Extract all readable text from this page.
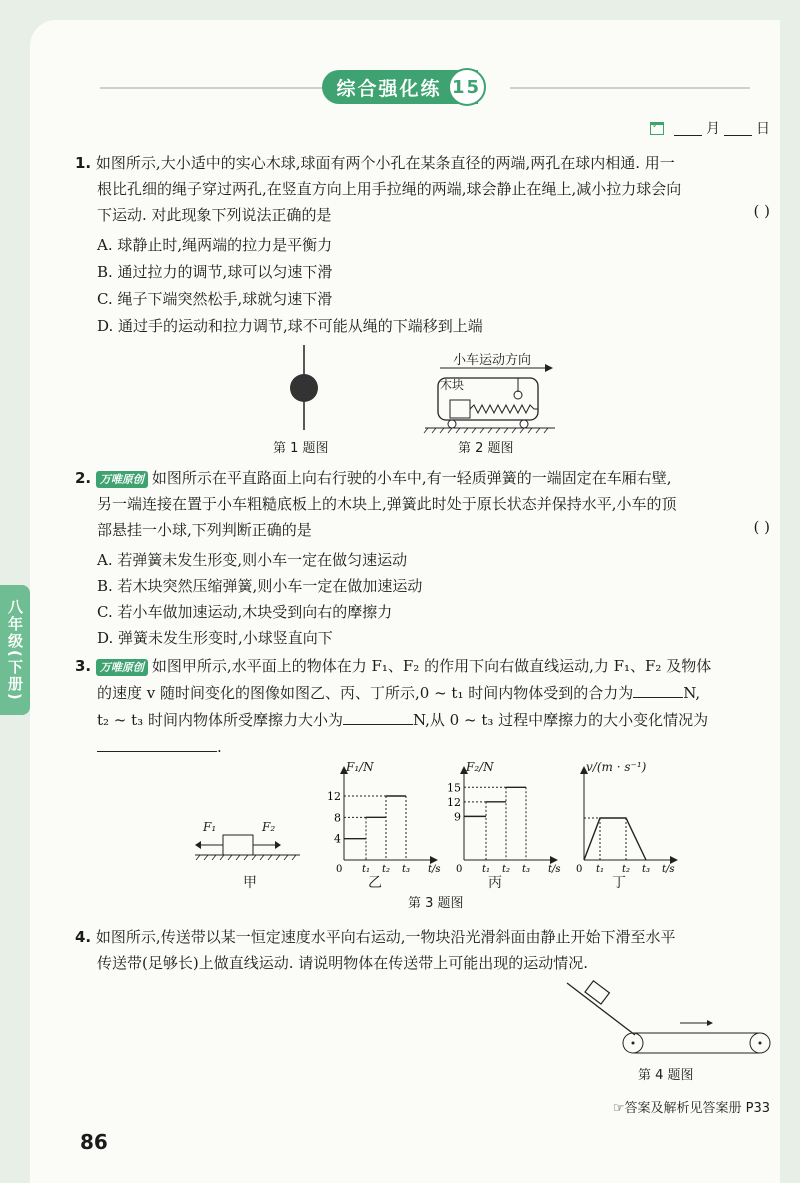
八年级(下册)
综合强化练 15
✓
月	日
1. 如图所示,大小适中的实心木球,球面有两个小孔在某条直径的两端,两孔在球内相通. 用一
根比孔细的绳子穿过两孔,在竖直方向上用手拉绳的两端,球会静止在绳上,减小拉力球会向
下运动. 对此现象下列说法正确的是	( )
A. 球静止时,绳两端的拉力是平衡力
B. 通过拉力的调节,球可以匀速下滑
C. 绳子下端突然松手,球就匀速下滑
D. 通过手的运动和拉力调节,球不可能从绳的下端移到上端
第 1 题图
小车运动方向
木块
第 2 题图
2. 万唯原创 如图所示在平直路面上向右行驶的小车中,有一轻质弹簧的一端固定在车厢右壁,
另一端连接在置于小车粗糙底板上的木块上,弹簧此时处于原长状态并保持水平,小车的顶
部悬挂一小球,下列判断正确的是	( )
A. 若弹簧未发生形变,则小车一定在做匀速运动
B. 若木块突然压缩弹簧,则小车一定在做加速运动
C. 若小车做加速运动,木块受到向右的摩擦力
D. 弹簧未发生形变时,小球竖直向下
3. 万唯原创 如图甲所示,水平面上的物体在力 F₁、F₂ 的作用下向右做直线运动,力 F₁、F₂ 及物体
的速度 v 随时间变化的图像如图乙、丙、丁所示,0 ~ t₁ 时间内物体受到的合力为	N,
t₂ ~ t₃ 时间内物体所受摩擦力大小为	N,从 0 ~ t₃ 过程中摩擦力的大小变化情况为
.
F₁	F₂
4
8
12
t₁ t₂ t₃ t/s
0
F₁/N
9
12
15
t₁ t₂ t₃ t/s
0
F₂/N
t₁ t₂ t₃ t/s
0
v/(m · s⁻¹)
甲	乙	丙	丁
第 3 题图
4. 如图所示,传送带以某一恒定速度水平向右运动,一物块沿光滑斜面由静止开始下滑至水平
传送带(足够长)上做直线运动. 请说明物体在传送带上可能出现的运动情况.
第 4 题图
☞答案及解析见答案册 P33
86
